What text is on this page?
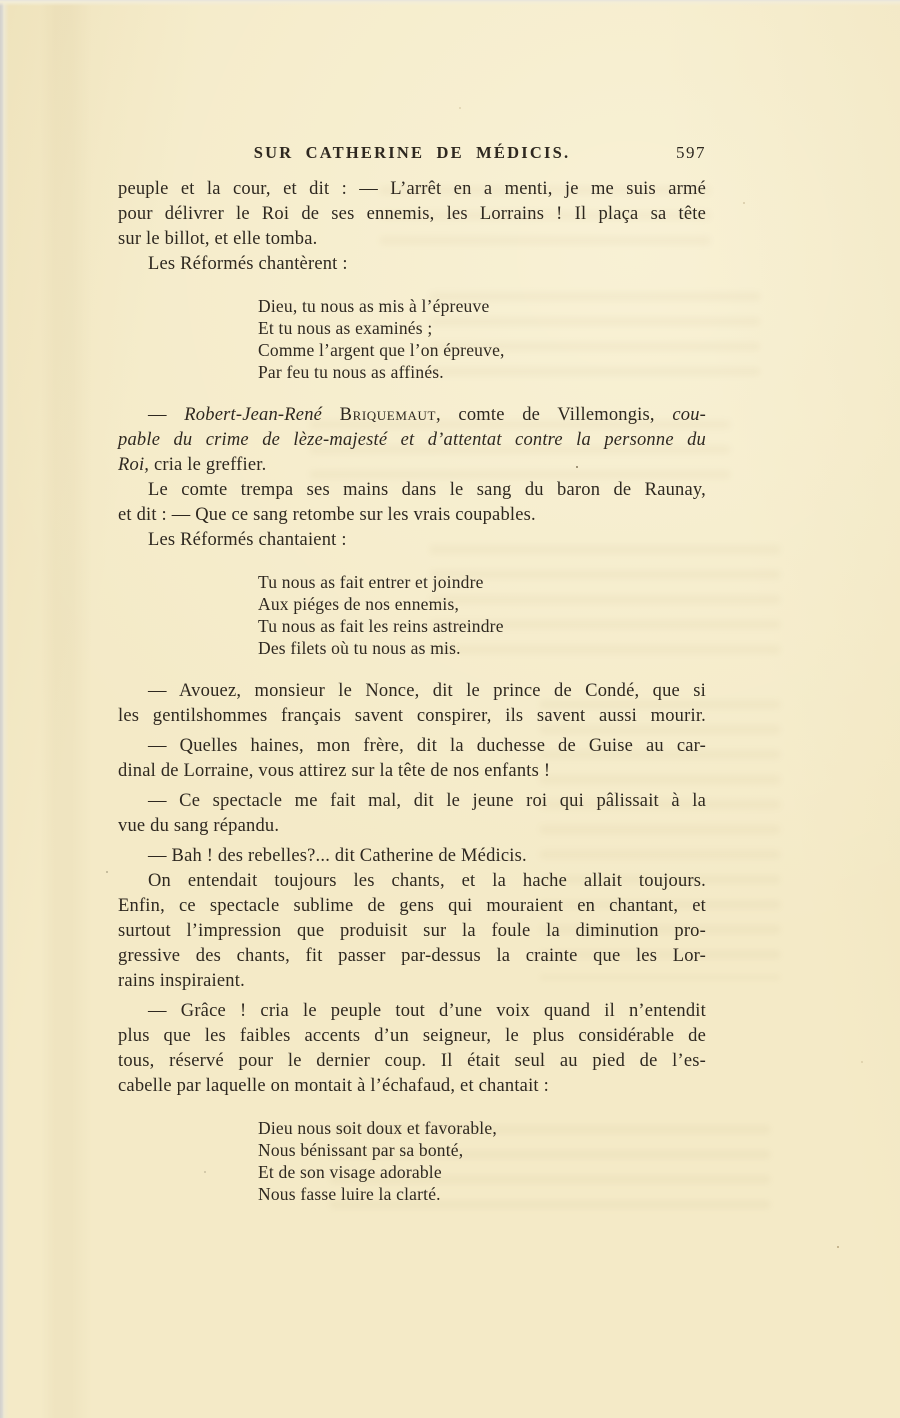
SUR CATHERINE DE MÉDICIS.	597
peuple et la cour, et dit : — L’arrêt en a menti, je me suis armé
pour délivrer le Roi de ses ennemis, les Lorrains ! Il plaça sa tête
sur le billot, et elle tomba.
Les Réformés chantèrent :
Dieu, tu nous as mis à l’épreuve
Et tu nous as examinés ;
Comme l’argent que l’on épreuve,
Par feu tu nous as affinés.
— Robert-Jean-René Briquemaut, comte de Villemongis, cou-
pable du crime de lèze-majesté et d’attentat contre la personne du
Roi, cria le greffier.
Le comte trempa ses mains dans le sang du baron de Raunay,
et dit : — Que ce sang retombe sur les vrais coupables.
Les Réformés chantaient :
Tu nous as fait entrer et joindre
Aux piéges de nos ennemis,
Tu nous as fait les reins astreindre
Des filets où tu nous as mis.
— Avouez, monsieur le Nonce, dit le prince de Condé, que si
les gentilshommes français savent conspirer, ils savent aussi mourir.
— Quelles haines, mon frère, dit la duchesse de Guise au car-
dinal de Lorraine, vous attirez sur la tête de nos enfants !
— Ce spectacle me fait mal, dit le jeune roi qui pâlissait à la
vue du sang répandu.
— Bah ! des rebelles?... dit Catherine de Médicis.
On entendait toujours les chants, et la hache allait toujours.
Enfin, ce spectacle sublime de gens qui mouraient en chantant, et
surtout l’impression que produisit sur la foule la diminution pro-
gressive des chants, fit passer par-dessus la crainte que les Lor-
rains inspiraient.
— Grâce ! cria le peuple tout d’une voix quand il n’entendit
plus que les faibles accents d’un seigneur, le plus considérable de
tous, réservé pour le dernier coup. Il était seul au pied de l’es-
cabelle par laquelle on montait à l’échafaud, et chantait :
Dieu nous soit doux et favorable,
Nous bénissant par sa bonté,
Et de son visage adorable
Nous fasse luire la clarté.
